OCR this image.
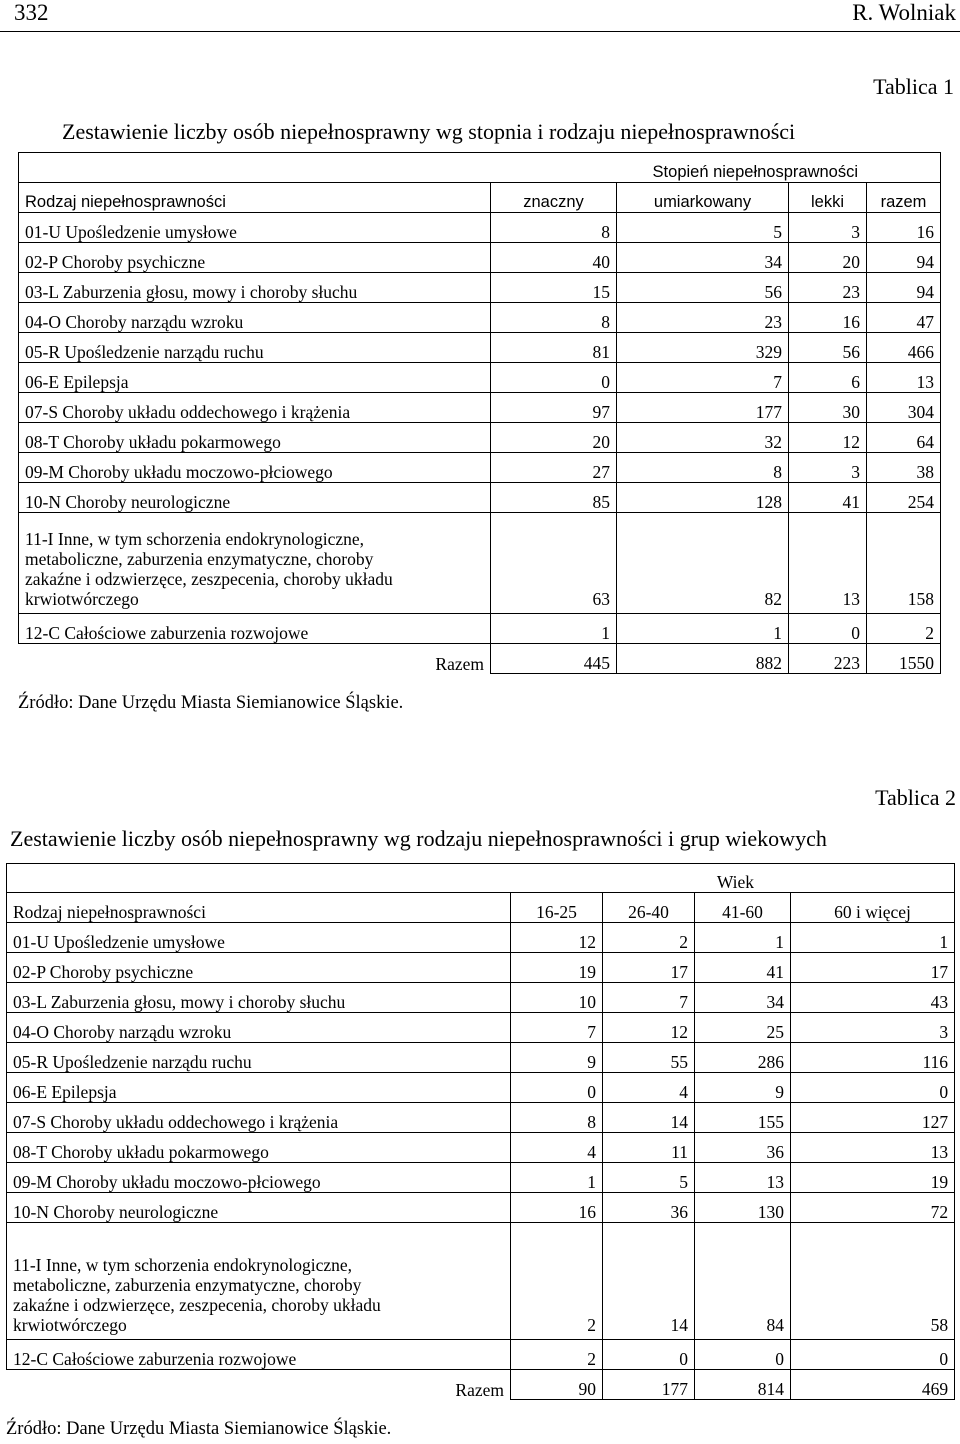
332	R. Wolniak
Tablica 1
Zestawienie liczby osób niepełnosprawny wg stopnia i rodzaju niepełnosprawności
Stopień niepełnosprawności				
Rodzaj niepełnosprawności	znaczny	umiarkowany	lekki	razem
01-U Upośledzenie umysłowe	8	5	3	16
02-P Choroby psychiczne	40	34	20	94
03-L Zaburzenia głosu, mowy i choroby słuchu	15	56	23	94
04-O Choroby narządu wzroku	8	23	16	47
05-R Upośledzenie narządu ruchu	81	329	56	466
06-E Epilepsja	0	7	6	13
07-S Choroby układu oddechowego i krążenia	97	177	30	304
08-T Choroby układu pokarmowego	20	32	12	64
09-M Choroby układu moczowo-płciowego	27	8	3	38
10-N Choroby neurologiczne	85	128	41	254

11-I Inne, w tym schorzenia endokrynologiczne,
metaboliczne, zaburzenia enzymatyczne, choroby
zakaźne i odzwierzęce, zeszpecenia, choroby układu
krwiotwórczego	63	82	13	158
12-C Całościowe zaburzenia rozwojowe	1	1	0	2
Razem	445	882	223	1550
Źródło: Dane Urzędu Miasta Siemianowice Śląskie.
Tablica 2
Zestawienie liczby osób niepełnosprawny wg rodzaju niepełnosprawności i grup wiekowych
Wiek				
Rodzaj niepełnosprawności	16-25	26-40	41-60	60 i więcej
01-U Upośledzenie umysłowe	12	2	1	1
02-P Choroby psychiczne	19	17	41	17
03-L Zaburzenia głosu, mowy i choroby słuchu	10	7	34	43
04-O Choroby narządu wzroku	7	12	25	3
05-R Upośledzenie narządu ruchu	9	55	286	116
06-E Epilepsja	0	4	9	0
07-S Choroby układu oddechowego i krążenia	8	14	155	127
08-T Choroby układu pokarmowego	4	11	36	13
09-M Choroby układu moczowo-płciowego	1	5	13	19
10-N Choroby neurologiczne	16	36	130	72

11-I Inne, w tym schorzenia endokrynologiczne,
metaboliczne, zaburzenia enzymatyczne, choroby
zakaźne i odzwierzęce, zeszpecenia, choroby układu
krwiotwórczego	2	14	84	58
12-C Całościowe zaburzenia rozwojowe	2	0	0	0
Razem	90	177	814	469
Źródło: Dane Urzędu Miasta Siemianowice Śląskie.
